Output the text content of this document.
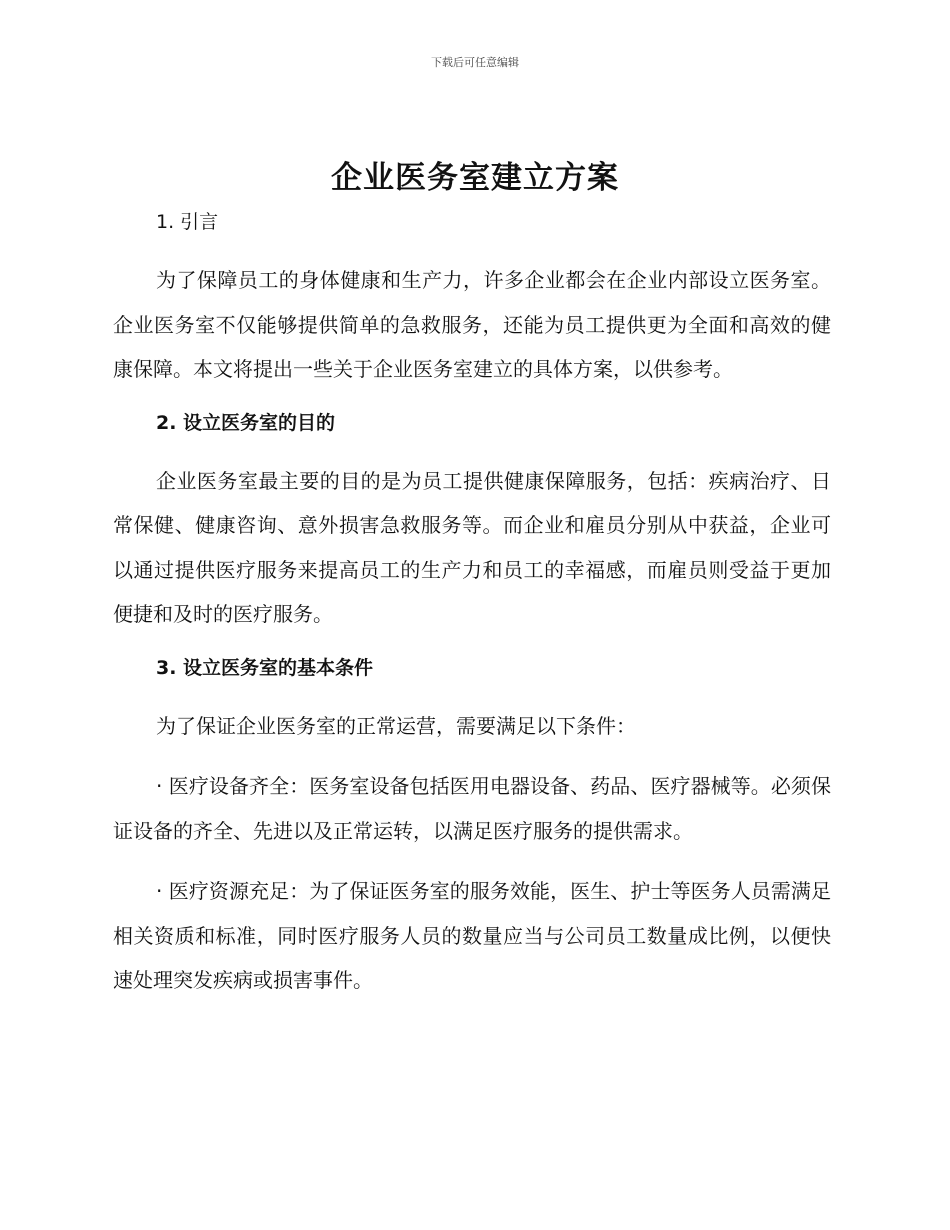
下载后可任意编辑
企业医务室建立方案
1. 引言

为了保障员工的身体健康和生产力，许多企业都会在企业内部设立医务室。企业医务室不仅能够提供简单的急救服务，还能为员工提供更为全面和高效的健康保障。本文将提出一些关于企业医务室建立的具体方案，以供参考。

2. 设立医务室的目的

企业医务室最主要的目的是为员工提供健康保障服务，包括：疾病治疗、日常保健、健康咨询、意外损害急救服务等。而企业和雇员分别从中获益，企业可以通过提供医疗服务来提高员工的生产力和员工的幸福感，而雇员则受益于更加便捷和及时的医疗服务。

3. 设立医务室的基本条件

为了保证企业医务室的正常运营，需要满足以下条件：

· 医疗设备齐全：医务室设备包括医用电器设备、药品、医疗器械等。必须保证设备的齐全、先进以及正常运转，以满足医疗服务的提供需求。

· 医疗资源充足：为了保证医务室的服务效能，医生、护士等医务人员需满足相关资质和标准，同时医疗服务人员的数量应当与公司员工数量成比例，以便快速处理突发疾病或损害事件。
